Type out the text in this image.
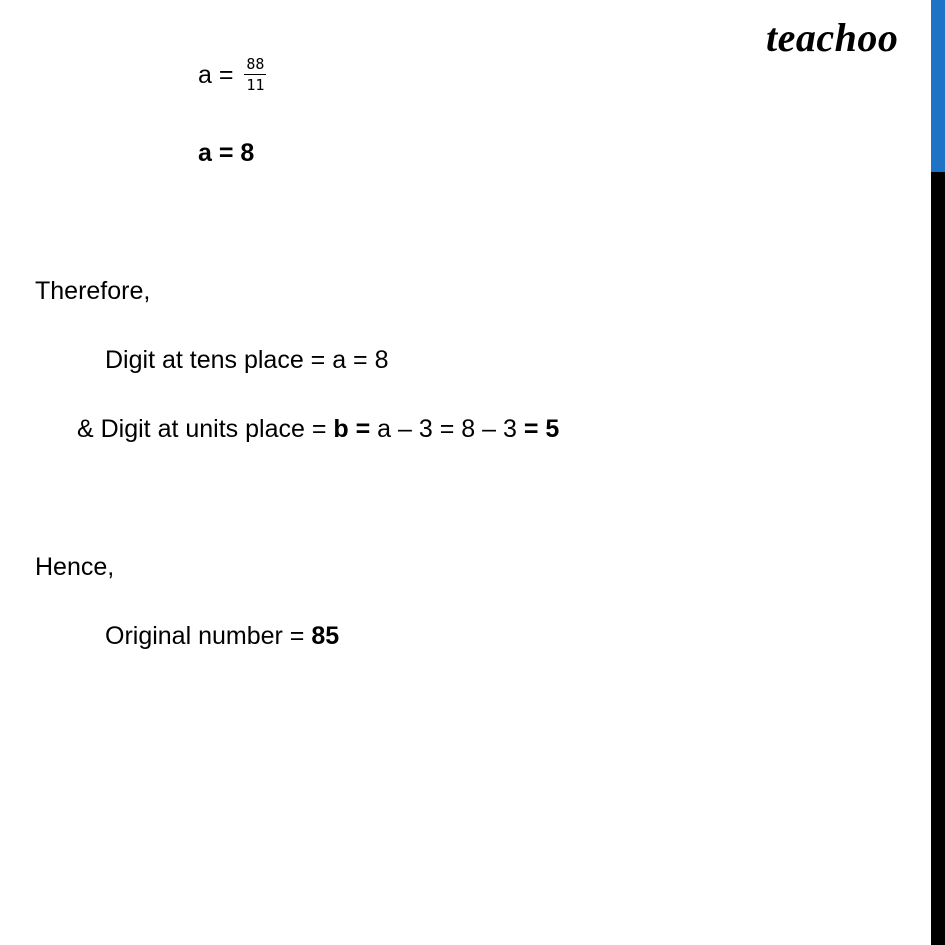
teachoo
$a = \frac{88}{11}$
a = 8
Therefore,
Digit at tens place = a = 8
& Digit at units place = b = a – 3 = 8 – 3 = 5
Hence,
Original number = 85
